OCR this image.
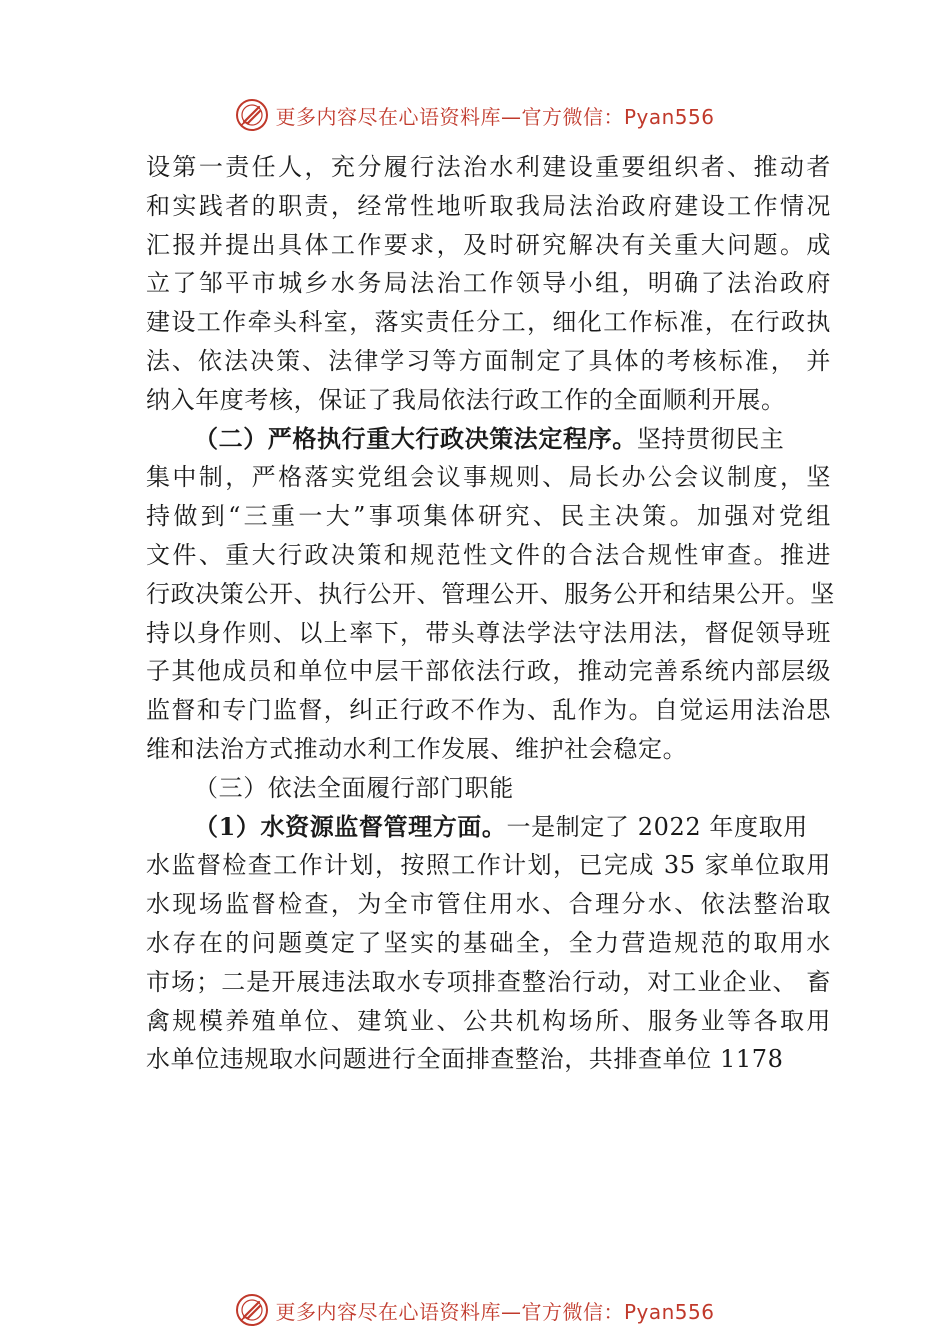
更多内容尽在心语资料库—官方微信：Pyan556
设第一责任人，充分履行法治水利建设重要组织者、推动者
和实践者的职责，经常性地听取我局法治政府建设工作情况
汇报并提出具体工作要求，及时研究解决有关重大问题。成
立了邹平市城乡水务局法治工作领导小组，明确了法治政府
建设工作牵头科室，落实责任分工，细化工作标准，在行政执
法、依法决策、法律学习等方面制定了具体的考核标准， 并
纳入年度考核，保证了我局依法行政工作的全面顺利开展。
（二）严格执行重大行政决策法定程序。坚持贯彻民主
集中制，严格落实党组会议事规则、局长办公会议制度，坚
持做到“三重一大”事项集体研究、民主决策。加强对党组
文件、重大行政决策和规范性文件的合法合规性审查。推进
行政决策公开、执行公开、管理公开、服务公开和结果公开。坚
持以身作则、以上率下，带头尊法学法守法用法，督促领导班
子其他成员和单位中层干部依法行政，推动完善系统内部层级
监督和专门监督，纠正行政不作为、乱作为。自觉运用法治思
维和法治方式推动水利工作发展、维护社会稳定。
（三）依法全面履行部门职能
（1）水资源监督管理方面。一是制定了 2022 年度取用
水监督检查工作计划，按照工作计划，已完成 35 家单位取用
水现场监督检查，为全市管住用水、合理分水、依法整治取
水存在的问题奠定了坚实的基础全，全力营造规范的取用水
市场；二是开展违法取水专项排查整治行动，对工业企业、 畜
禽规模养殖单位、建筑业、公共机构场所、服务业等各取用
水单位违规取水问题进行全面排查整治，共排查单位 1178
更多内容尽在心语资料库—官方微信：Pyan556
